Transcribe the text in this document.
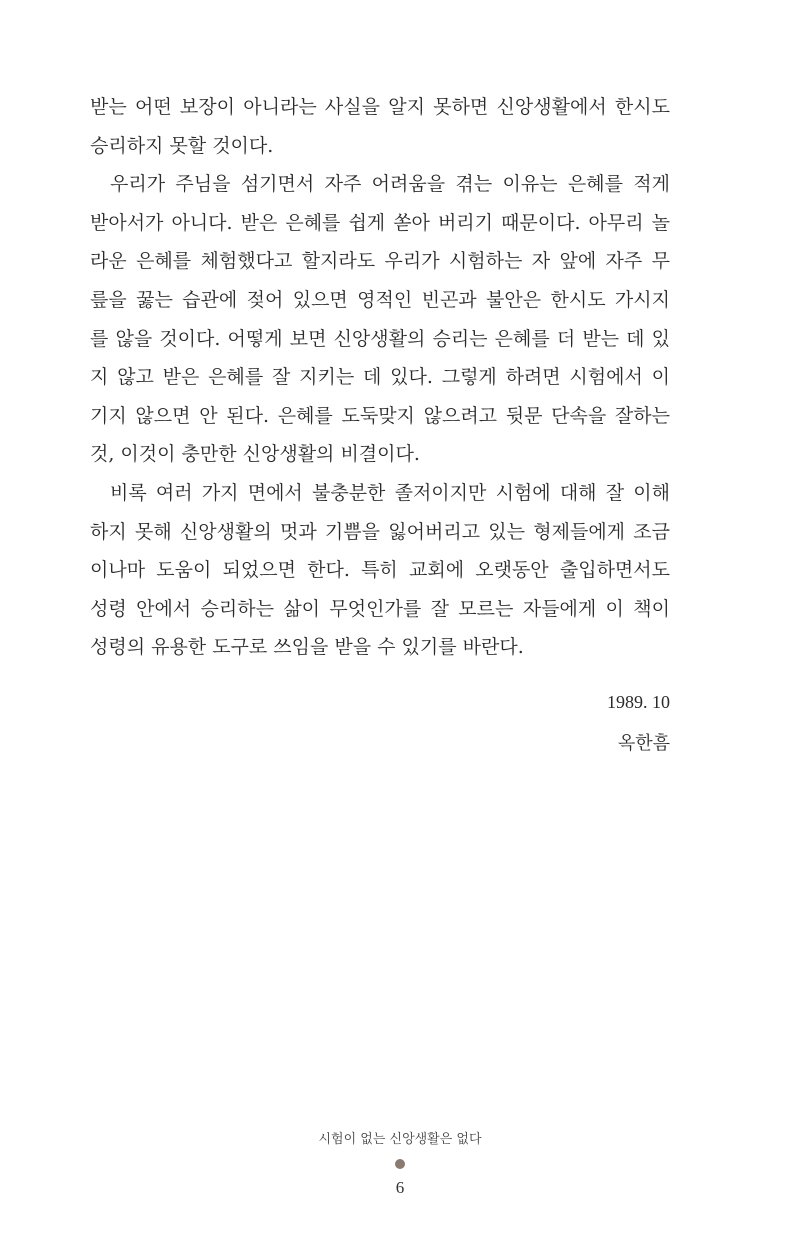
받는 어떤 보장이 아니라는 사실을 알지 못하면 신앙생활에서 한시도
승리하지 못할 것이다.
우리가 주님을 섬기면서 자주 어려움을 겪는 이유는 은혜를 적게
받아서가 아니다. 받은 은혜를 쉽게 쏟아 버리기 때문이다. 아무리 놀
라운 은혜를 체험했다고 할지라도 우리가 시험하는 자 앞에 자주 무
릎을 꿇는 습관에 젖어 있으면 영적인 빈곤과 불안은 한시도 가시지
를 않을 것이다. 어떻게 보면 신앙생활의 승리는 은혜를 더 받는 데 있
지 않고 받은 은혜를 잘 지키는 데 있다. 그렇게 하려면 시험에서 이
기지 않으면 안 된다. 은혜를 도둑맞지 않으려고 뒷문 단속을 잘하는
것, 이것이 충만한 신앙생활의 비결이다.
비록 여러 가지 면에서 불충분한 졸저이지만 시험에 대해 잘 이해
하지 못해 신앙생활의 멋과 기쁨을 잃어버리고 있는 형제들에게 조금
이나마 도움이 되었으면 한다. 특히 교회에 오랫동안 출입하면서도
성령 안에서 승리하는 삶이 무엇인가를 잘 모르는 자들에게 이 책이
성령의 유용한 도구로 쓰임을 받을 수 있기를 바란다.
1989. 10
옥한흠
시험이 없는 신앙생활은 없다
6
